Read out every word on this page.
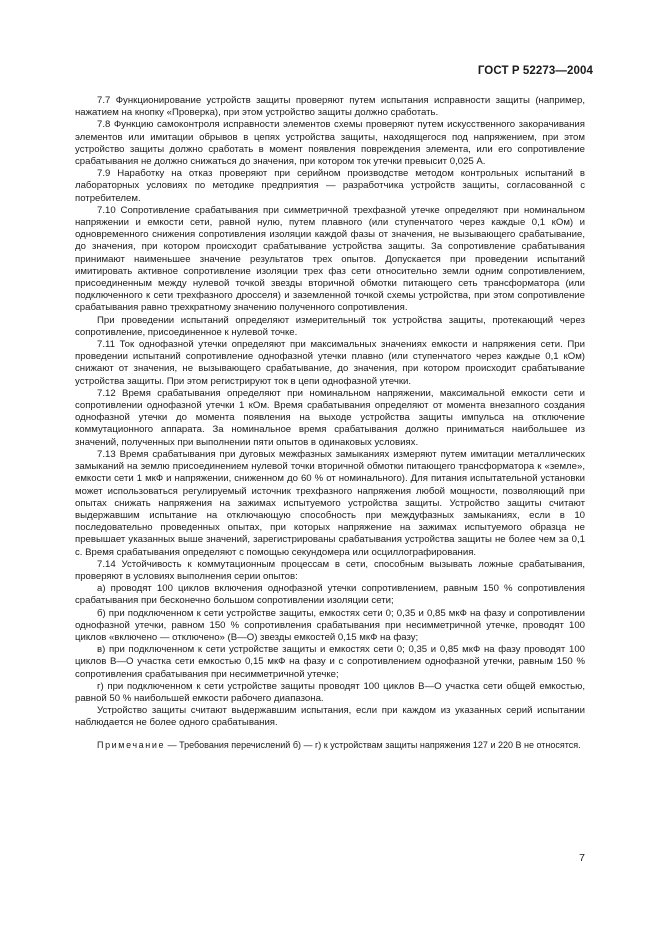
ГОСТ Р 52273—2004

7.7 Функционирование устройств защиты проверяют путем испытания исправности защиты (например, нажатием на кнопку «Проверка), при этом устройство защиты должно сработать.

7.8 Функцию самоконтроля исправности элементов схемы проверяют путем искусственного закорачивания элементов или имитации обрывов в цепях устройства защиты, находящегося под напряжением, при этом устройство защиты должно сработать в момент появления повреждения элемента, или его сопротивление срабатывания не должно снижаться до значения, при котором ток утечки превысит 0,025 А.

7.9 Наработку на отказ проверяют при серийном производстве методом контрольных испытаний в лабораторных условиях по методике предприятия — разработчика устройств защиты, согласованной с потребителем.

7.10 Сопротивление срабатывания при симметричной трехфазной утечке определяют при номинальном напряжении и емкости сети, равной нулю, путем плавного (или ступенчатого через каждые 0,1 кОм) и одновременного снижения сопротивления изоляции каждой фазы от значения, не вызывающего срабатывание, до значения, при котором происходит срабатывание устройства защиты. За сопротивление срабатывания принимают наименьшее значение результатов трех опытов. Допускается при проведении испытаний имитировать активное сопротивление изоляции трех фаз сети относительно земли одним сопротивлением, присоединенным между нулевой точкой звезды вторичной обмотки питающего сеть трансформатора (или подключенного к сети трехфазного дросселя) и заземленной точкой схемы устройства, при этом сопротивление срабатывания равно трехкратному значению полученного сопротивления.

При проведении испытаний определяют измерительный ток устройства защиты, протекающий через сопротивление, присоединенное к нулевой точке.

7.11 Ток однофазной утечки определяют при максимальных значениях емкости и напряжения сети. При проведении испытаний сопротивление однофазной утечки плавно (или ступенчатого через каждые 0,1 кОм) снижают от значения, не вызывающего срабатывание, до значения, при котором происходит срабатывание устройства защиты. При этом регистрируют ток в цепи однофазной утечки.

7.12 Время срабатывания определяют при номинальном напряжении, максимальной емкости сети и сопротивлении однофазной утечки 1 кОм. Время срабатывания определяют от момента внезапного создания однофазной утечки до момента появления на выходе устройства защиты импульса на отключение коммутационного аппарата. За номинальное время срабатывания должно приниматься наибольшее из значений, полученных при выполнении пяти опытов в одинаковых условиях.

7.13 Время срабатывания при дуговых межфазных замыканиях измеряют путем имитации металлических замыканий на землю присоединением нулевой точки вторичной обмотки питающего трансформатора к «земле», емкости сети 1 мкФ и напряжении, сниженном до 60 % от номинального). Для питания испытательной установки может использоваться регулируемый источник трехфазного напряжения любой мощности, позволяющий при опытах снижать напряжения на зажимах испытуемого устройства защиты. Устройство защиты считают выдержавшим испытание на отключающую способность при междуфазных замыканиях, если в 10 последовательно проведенных опытах, при которых напряжение на зажимах испытуемого образца не превышает указанных выше значений, зарегистрированы срабатывания устройства защиты не более чем за 0,1 с. Время срабатывания определяют с помощью секундомера или осциллографирования.

7.14 Устойчивость к коммутационным процессам в сети, способным вызывать ложные срабатывания, проверяют в условиях выполнения серии опытов:

а) проводят 100 циклов включения однофазной утечки сопротивлением, равным 150 % сопротивления срабатывания при бесконечно большом сопротивлении изоляции сети;

б) при подключенном к сети устройстве защиты, емкостях сети 0; 0,35 и 0,85 мкФ на фазу и сопротивлении однофазной утечки, равном 150 % сопротивления срабатывания при несимметричной утечке, проводят 100 циклов «включено — отключено» (В—О) звезды емкостей 0,15 мкФ на фазу;

в) при подключенном к сети устройстве защиты и емкостях сети 0; 0,35 и 0,85 мкФ на фазу проводят 100 циклов В—О участка сети емкостью 0,15 мкФ на фазу и с сопротивлением однофазной утечки, равным 150 % сопротивления срабатывания при несимметричной утечке;

г) при подключенном к сети устройстве защиты проводят 100 циклов В—О участка сети общей емкостью, равной 50 % наибольшей емкости рабочего диапазона.

Устройство защиты считают выдержавшим испытания, если при каждом из указанных серий испытании наблюдается не более одного срабатывания.

Примечание — Требования перечислений б) — г) к устройствам защиты напряжения 127 и 220 В не относятся.

7
